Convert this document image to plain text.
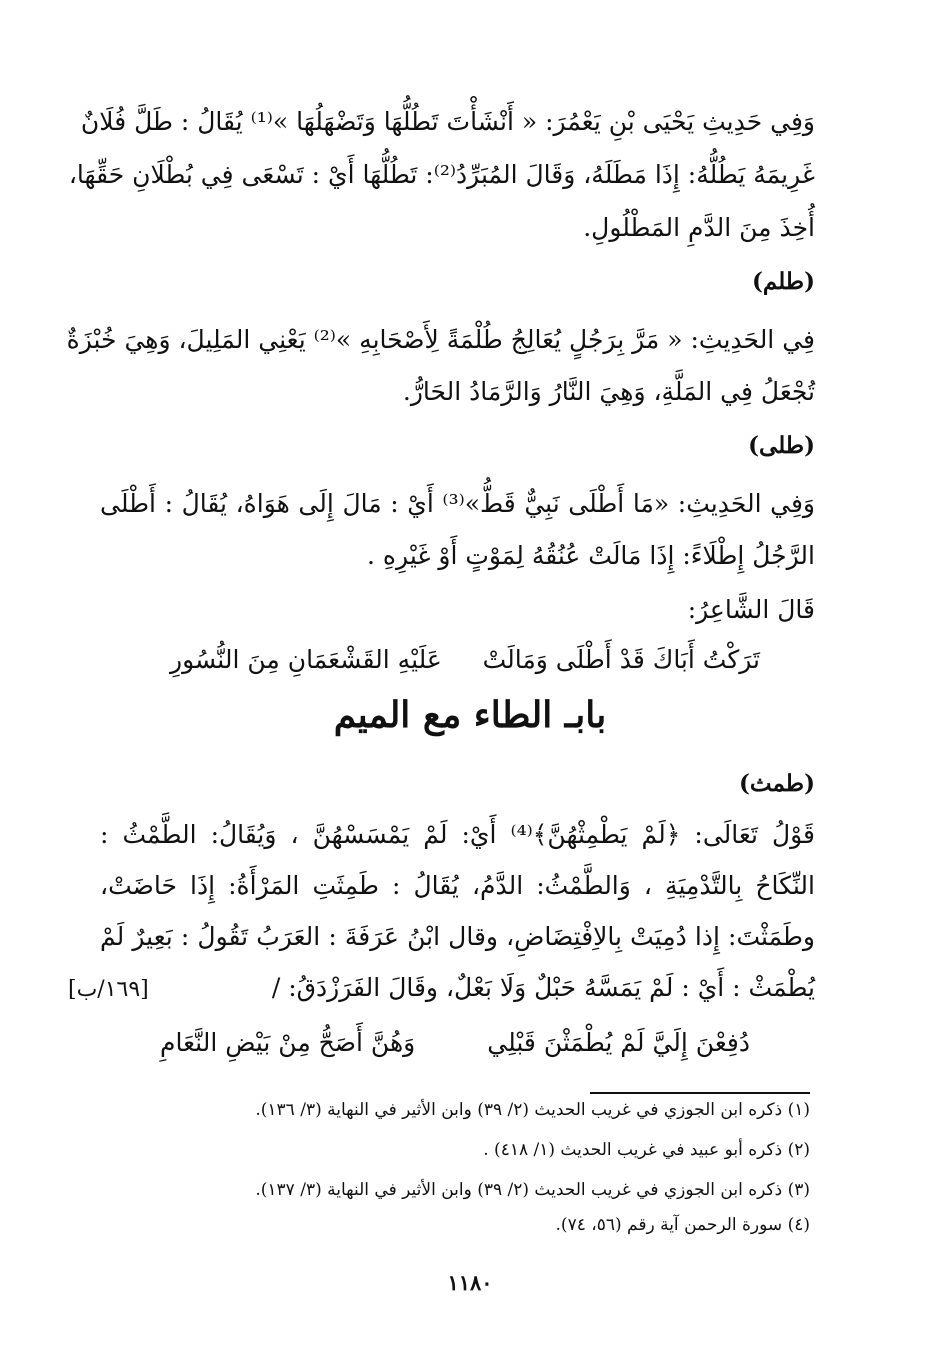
وَفِي حَدِيثِ يَحْيَى بْنِ يَعْمُرَ: « أَنْشَأْتَ تَطُلُّهَا وَتَضْهَلُهَا »⁽¹⁾ يُقَالُ : طَلَّ فُلَانٌ
غَرِيمَهُ يَطُلُّهُ: إِذَا مَطَلَهُ، وَقَالَ المُبَرِّدُ⁽²⁾: تَطُلُّهَا أَيْ : تَسْعَى فِي بُطْلَانِ حَقِّهَا،
أُخِذَ مِنَ الدَّمِ المَطْلُولِ.
(طلم)
فِي الحَدِيثِ: « مَرَّ بِرَجُلٍ يُعَالِجُ طُلْمَةً لِأَصْحَابِهِ »⁽²⁾ يَعْنِي المَلِيلَ، وَهِيَ خُبْزَةٌ
تُجْعَلُ فِي المَلَّةِ، وَهِيَ النَّارُ وَالرَّمَادُ الحَارُّ.
(طلى)
وَفِي الحَدِيثِ: «مَا أَطْلَى نَبِيٌّ قَطُّ»⁽³⁾ أَيْ : مَالَ إِلَى هَوَاهُ، يُقَالُ : أَطْلَى
الرَّجُلُ إِطْلَاءً: إِذَا مَالَتْ عُنُقُهُ لِمَوْتٍ أَوْ غَيْرِهِ .
قَالَ الشَّاعِرُ:
تَرَكْتُ أَبَاكَ قَدْ أَطْلَى وَمَالَتْ
عَلَيْهِ القَشْعَمَانِ مِنَ النُّسُورِ
بابـ الطاء مع الميم
(طمث)
قَوْلُ تَعَالَى: ﴿لَمْ يَطْمِثْهُنَّ﴾⁽⁴⁾ أَيْ: لَمْ يَمْسَسْهُنَّ ، وَيُقَالُ: الطَّمْثُ :
النِّكَاحُ بِالتَّدْمِيَةِ ، وَالطَّمْثُ: الدَّمُ، يُقَالُ : طَمِثَتِ المَرْأَةُ: إِذَا حَاضَتْ،
وطَمَثْتَ: إِذا دُمِيَتْ بِالاِفْتِضَاضِ، وقال ابْنُ عَرَفَةَ : العَرَبُ تَقُولُ : بَعِيرٌ لَمْ
يُطْمَثْ : أَيْ : لَمْ يَمَسَّهُ حَبْلٌ وَلَا بَعْلٌ، وقَالَ الفَرَزْدَقُ: /
[١٦٩/ب]
دُفِعْنَ إِلَيَّ لَمْ يُطْمَثْنَ قَبْلِي
وَهُنَّ أَصَحُّ مِنْ بَيْضِ النَّعَامِ
(١) ذكره ابن الجوزي في غريب الحديث (٢/ ٣٩) وابن الأثير في النهاية (٣/ ١٣٦).
(٢) ذكره أبو عبيد في غريب الحديث (١/ ٤١٨) .
(٣) ذكره ابن الجوزي في غريب الحديث (٢/ ٣٩) وابن الأثير في النهاية (٣/ ١٣٧).
(٤) سورة الرحمن آية رقم (٥٦، ٧٤).
١١٨٠
